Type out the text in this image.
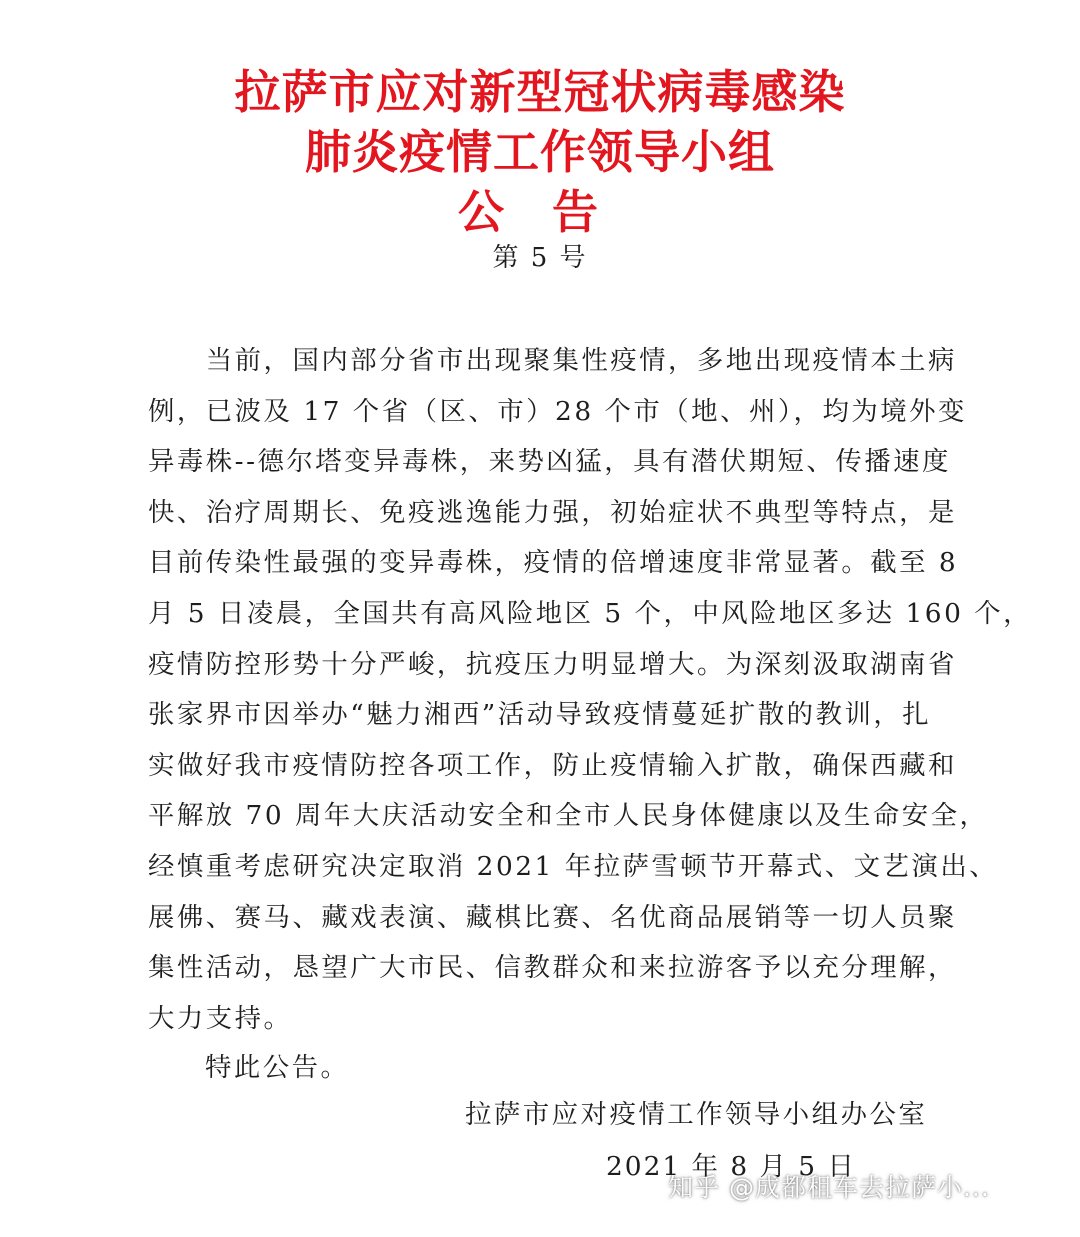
拉萨市应对新型冠状病毒感染
肺炎疫情工作领导小组
公告
第 5 号
　　当前，国内部分省市出现聚集性疫情，多地出现疫情本土病
例，已波及 17 个省（区、市）28 个市（地、州），均为境外变
异毒株--德尔塔变异毒株，来势凶猛，具有潜伏期短、传播速度
快、治疗周期长、免疫逃逸能力强，初始症状不典型等特点，是
目前传染性最强的变异毒株，疫情的倍增速度非常显著。截至 8
月 5 日凌晨，全国共有高风险地区 5 个，中风险地区多达 160 个，
疫情防控形势十分严峻，抗疫压力明显增大。为深刻汲取湖南省
张家界市因举办“魅力湘西”活动导致疫情蔓延扩散的教训，扎
实做好我市疫情防控各项工作，防止疫情输入扩散，确保西藏和
平解放 70 周年大庆活动安全和全市人民身体健康以及生命安全，
经慎重考虑研究决定取消 2021 年拉萨雪顿节开幕式、文艺演出、
展佛、赛马、藏戏表演、藏棋比赛、名优商品展销等一切人员聚
集性活动，恳望广大市民、信教群众和来拉游客予以充分理解，
大力支持。
特此公告。
拉萨市应对疫情工作领导小组办公室
2021 年 8 月 5 日
知乎 @成都租车去拉萨小...
